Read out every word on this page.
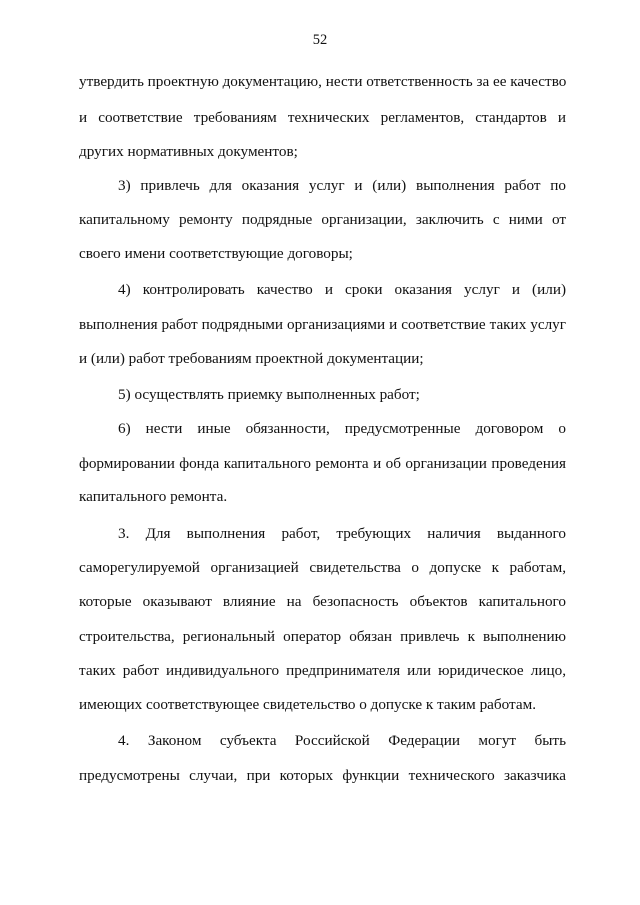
52
утвердить проектную документацию, нести ответственность за ее качество
и соответствие требованиям технических регламентов, стандартов и
других нормативных документов;
3) привлечь для оказания услуг и (или) выполнения работ по
капитальному ремонту подрядные организации, заключить с ними от
своего имени соответствующие договоры;
4) контролировать качество и сроки оказания услуг и (или)
выполнения работ подрядными организациями и соответствие таких услуг
и (или) работ требованиям проектной документации;
5) осуществлять приемку выполненных работ;
6) нести иные обязанности, предусмотренные договором о
формировании фонда капитального ремонта и об организации проведения
капитального ремонта.
3. Для выполнения работ, требующих наличия выданного
саморегулируемой организацией свидетельства о допуске к работам,
которые оказывают влияние на безопасность объектов капитального
строительства, региональный оператор обязан привлечь к выполнению
таких работ индивидуального предпринимателя или юридическое лицо,
имеющих соответствующее свидетельство о допуске к таким работам.
4. Законом субъекта Российской Федерации могут быть
предусмотрены случаи, при которых функции технического заказчика
